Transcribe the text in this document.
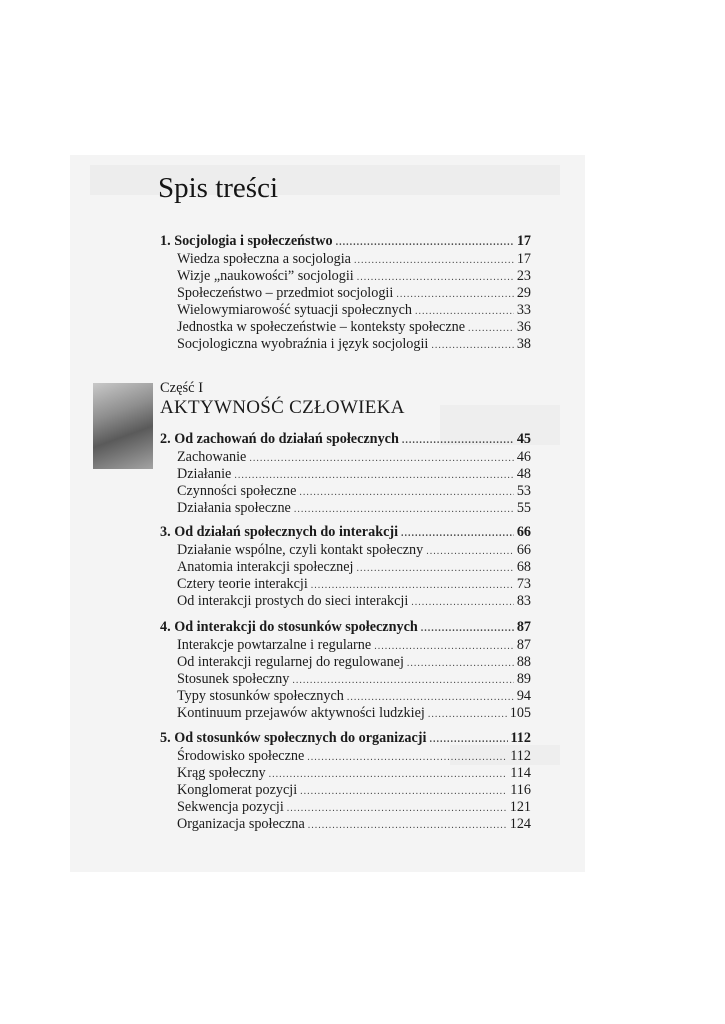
Spis treści
1. Socjologia i społeczeństwo .....	17
Wiedza społeczna a socjologia .....	17
Wizje „naukowości” socjologii .....	23
Społeczeństwo – przedmiot socjologii .....	29
Wielowymiarowość sytuacji społecznych .....	33
Jednostka w społeczeństwie – konteksty społeczne .....	36
Socjologiczna wyobraźnia i język socjologii .....	38
Część I
AKTYWNOŚĆ CZŁOWIEKA
2. Od zachowań do działań społecznych .....	45
Zachowanie .....	46
Działanie .....	48
Czynności społeczne .....	53
Działania społeczne .....	55
3. Od działań społecznych do interakcji .....	66
Działanie wspólne, czyli kontakt społeczny .....	66
Anatomia interakcji społecznej .....	68
Cztery teorie interakcji .....	73
Od interakcji prostych do sieci interakcji .....	83
4. Od interakcji do stosunków społecznych .....	87
Interakcje powtarzalne i regularne .....	87
Od interakcji regularnej do regulowanej .....	88
Stosunek społeczny .....	89
Typy stosunków społecznych .....	94
Kontinuum przejawów aktywności ludzkiej .....	105
5. Od stosunków społecznych do organizacji .....	112
Środowisko społeczne .....	112
Krąg społeczny .....	114
Konglomerat pozycji .....	116
Sekwencja pozycji .....	121
Organizacja społeczna .....	124
